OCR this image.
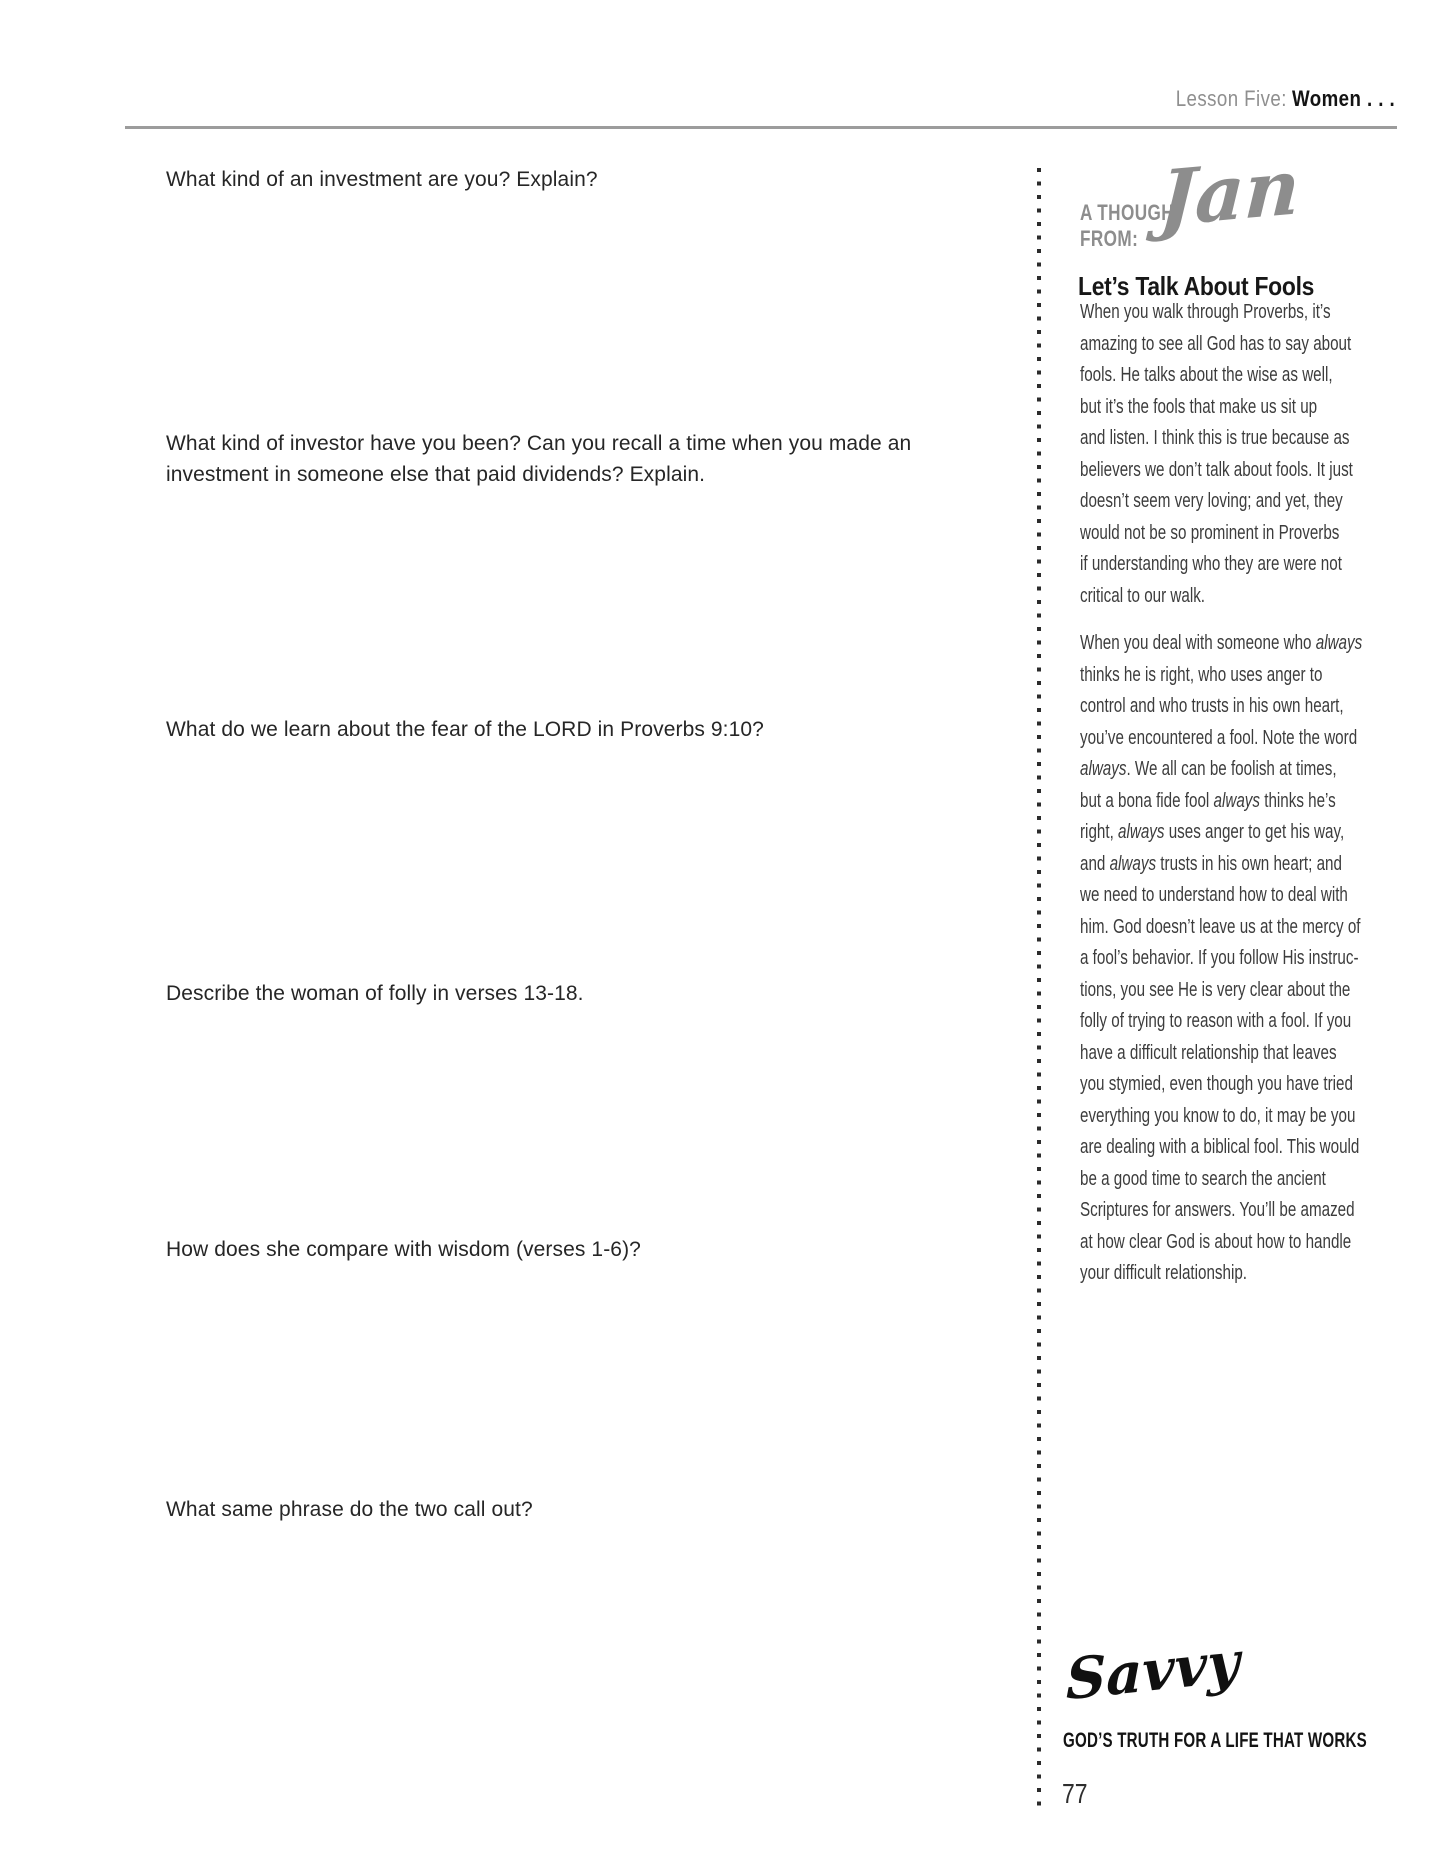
Lesson Five: Women . . .
What kind of an investment are you? Explain?
What kind of investor have you been? Can you recall a time when you made an investment in someone else that paid dividends? Explain.
What do we learn about the fear of the LORD in Proverbs 9:10?
Describe the woman of folly in verses 13-18.
How does she compare with wisdom (verses 1-6)?
What same phrase do the two call out?
A THOUGHT
FROM: Jan
Let’s Talk About Fools
When you walk through Proverbs, it’s
amazing to see all God has to say about
fools. He talks about the wise as well,
but it’s the fools that make us sit up
and listen. I think this is true because as
believers we don’t talk about fools. It just
doesn’t seem very loving; and yet, they
would not be so prominent in Proverbs
if understanding who they are were not
critical to our walk.
When you deal with someone who always
thinks he is right, who uses anger to
control and who trusts in his own heart,
you’ve encountered a fool. Note the word
always. We all can be foolish at times,
but a bona fide fool always thinks he’s
right, always uses anger to get his way,
and always trusts in his own heart; and
we need to understand how to deal with
him. God doesn’t leave us at the mercy of
a fool’s behavior. If you follow His instruc-
tions, you see He is very clear about the
folly of trying to reason with a fool. If you
have a difficult relationship that leaves
you stymied, even though you have tried
everything you know to do, it may be you
are dealing with a biblical fool. This would
be a good time to search the ancient
Scriptures for answers. You’ll be amazed
at how clear God is about how to handle
your difficult relationship.
Savvy
GOD’S TRUTH FOR A LIFE THAT WORKS
77
